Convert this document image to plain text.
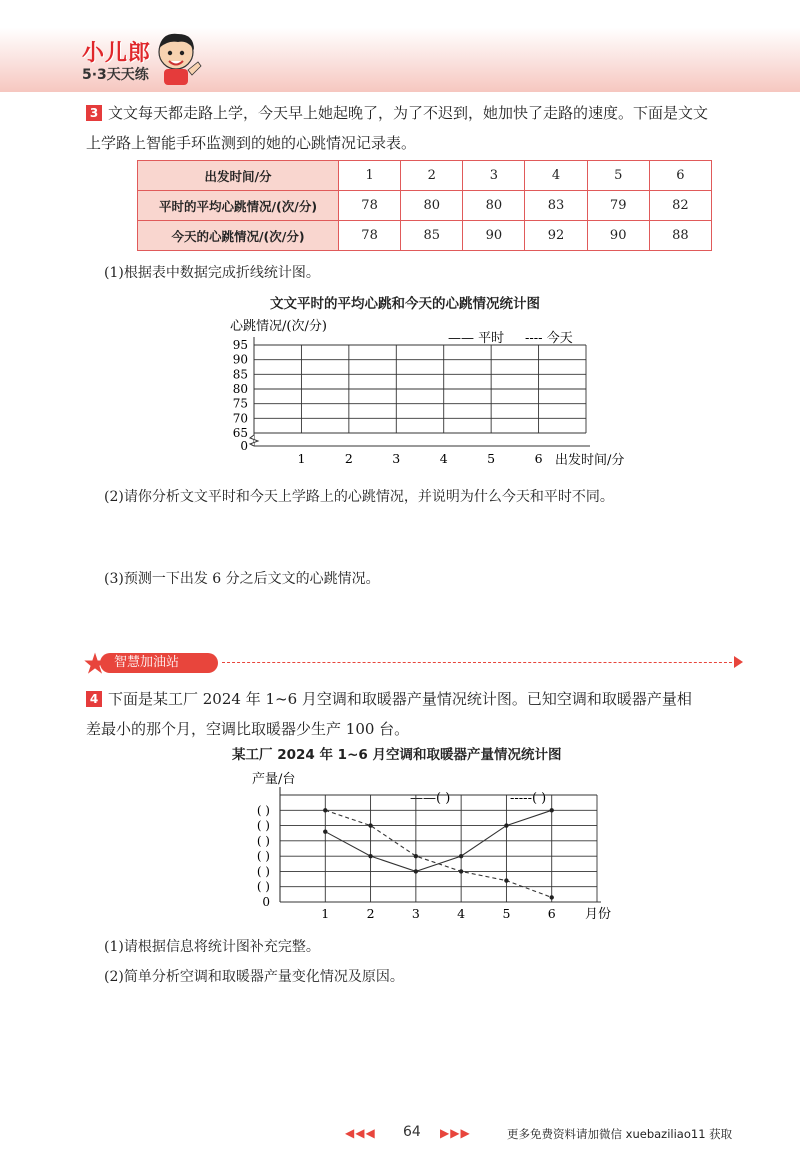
小儿郎
5·3天天练
3 文文每天都走路上学，今天早上她起晚了，为了不迟到，她加快了走路的速度。下面是文文
上学路上智能手环监测到的她的心跳情况记录表。
出发时间/分	1	2	3	4	5	6
平时的平均心跳情况/(次/分)	78	80	80	83	79	82
今天的心跳情况/(次/分)	78	85	90	92	90	88
(1)根据表中数据完成折线统计图。
文文平时的平均心跳和今天的心跳情况统计图
心跳情况/(次/分)
—— 平时 ---- 今天
65
70
75
80
85
90
95
0
1	2	3	4	5	6 出发时间/分
(2)请你分析文文平时和今天上学路上的心跳情况，并说明为什么今天和平时不同。
(3)预测一下出发 6 分之后文文的心跳情况。
智慧加油站
4 下面是某工厂 2024 年 1~6 月空调和取暖器产量情况统计图。已知空调和取暖器产量相
差最小的那个月，空调比取暖器少生产 100 台。
某工厂 2024 年 1~6 月空调和取暖器产量情况统计图
产量/台
——( )	-----( )
0
( )
( )
( )
( )
( )
( )
1	2	3	4	5	6 月份
(1)请根据信息将统计图补充完整。
(2)简单分析空调和取暖器产量变化情况及原因。
◀◀◀ 64 ▶▶▶	更多免费资料请加微信 xuebaziliao11 获取
